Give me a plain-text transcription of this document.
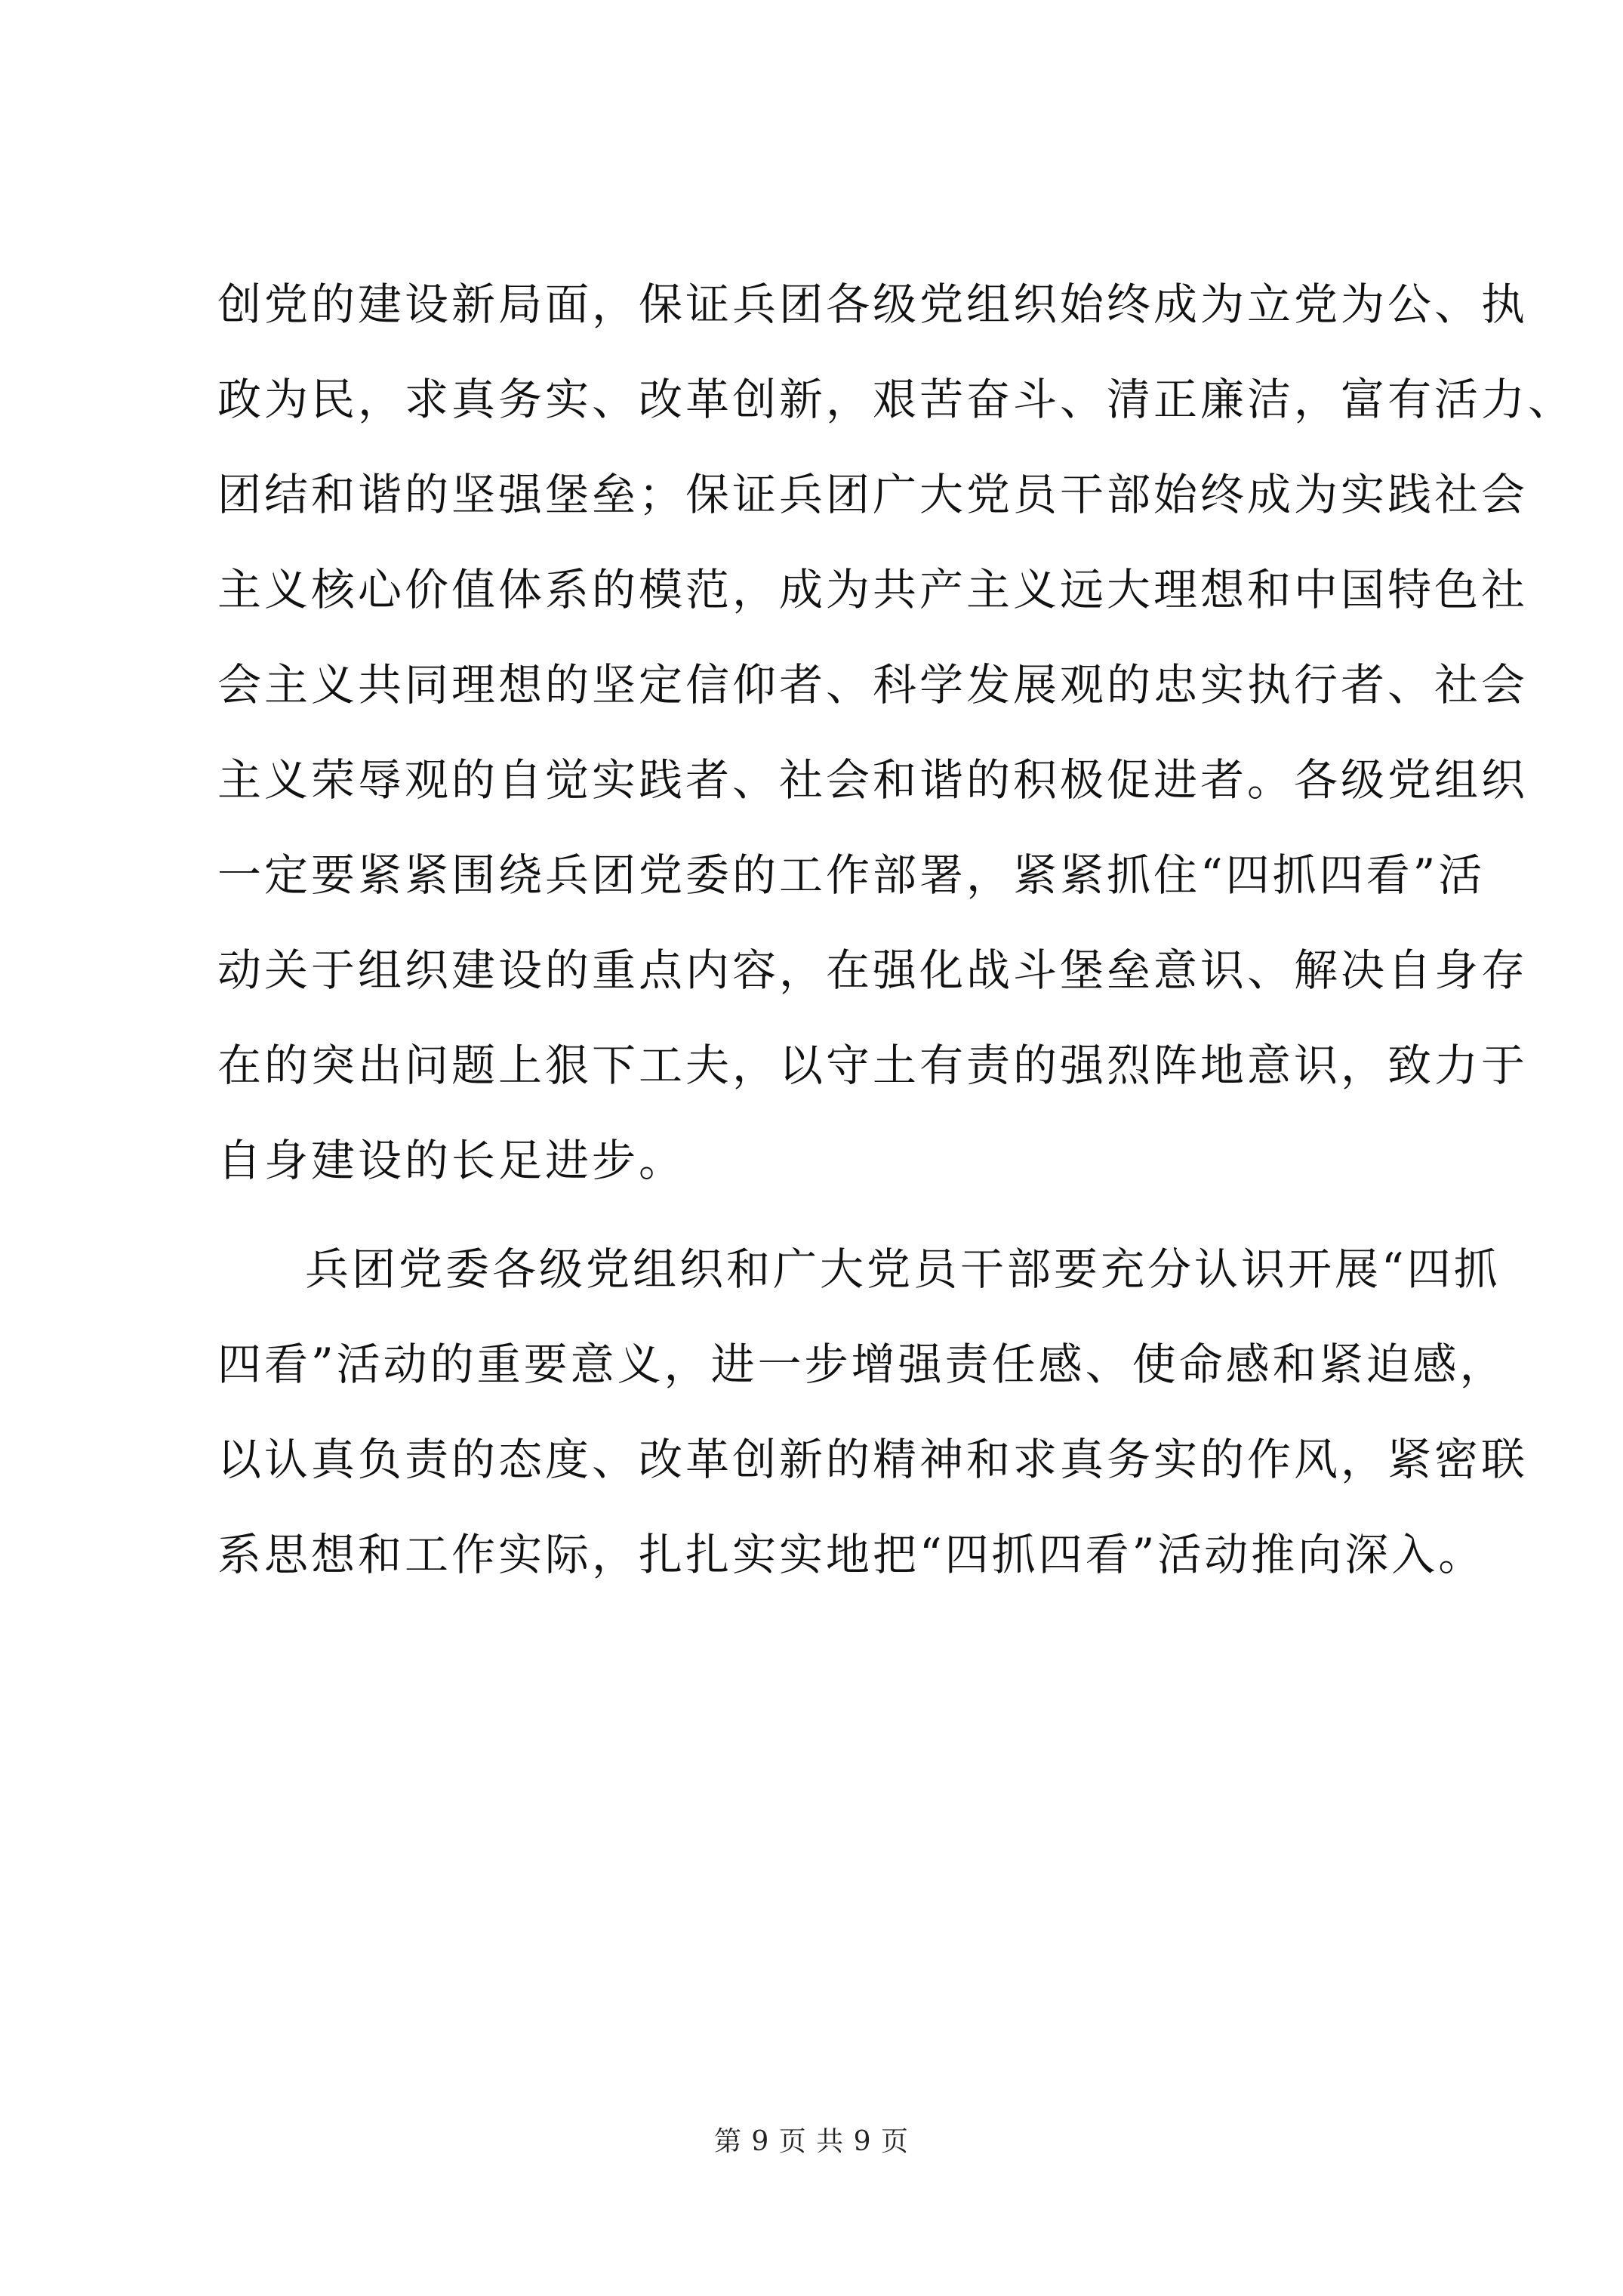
创党的建设新局面，保证兵团各级党组织始终成为立党为公、执
政为民，求真务实、改革创新，艰苦奋斗、清正廉洁，富有活力、
团结和谐的坚强堡垒；保证兵团广大党员干部始终成为实践社会
主义核心价值体系的模范，成为共产主义远大理想和中国特色社
会主义共同理想的坚定信仰者、科学发展观的忠实执行者、社会
主义荣辱观的自觉实践者、社会和谐的积极促进者。各级党组织
一定要紧紧围绕兵团党委的工作部署，紧紧抓住“四抓四看”活
动关于组织建设的重点内容，在强化战斗堡垒意识、解决自身存
在的突出问题上狠下工夫，以守土有责的强烈阵地意识，致力于
自身建设的长足进步。
兵团党委各级党组织和广大党员干部要充分认识开展“四抓
四看”活动的重要意义，进一步增强责任感、使命感和紧迫感，
以认真负责的态度、改革创新的精神和求真务实的作风，紧密联
系思想和工作实际，扎扎实实地把“四抓四看”活动推向深入。
第 9 页 共 9 页
